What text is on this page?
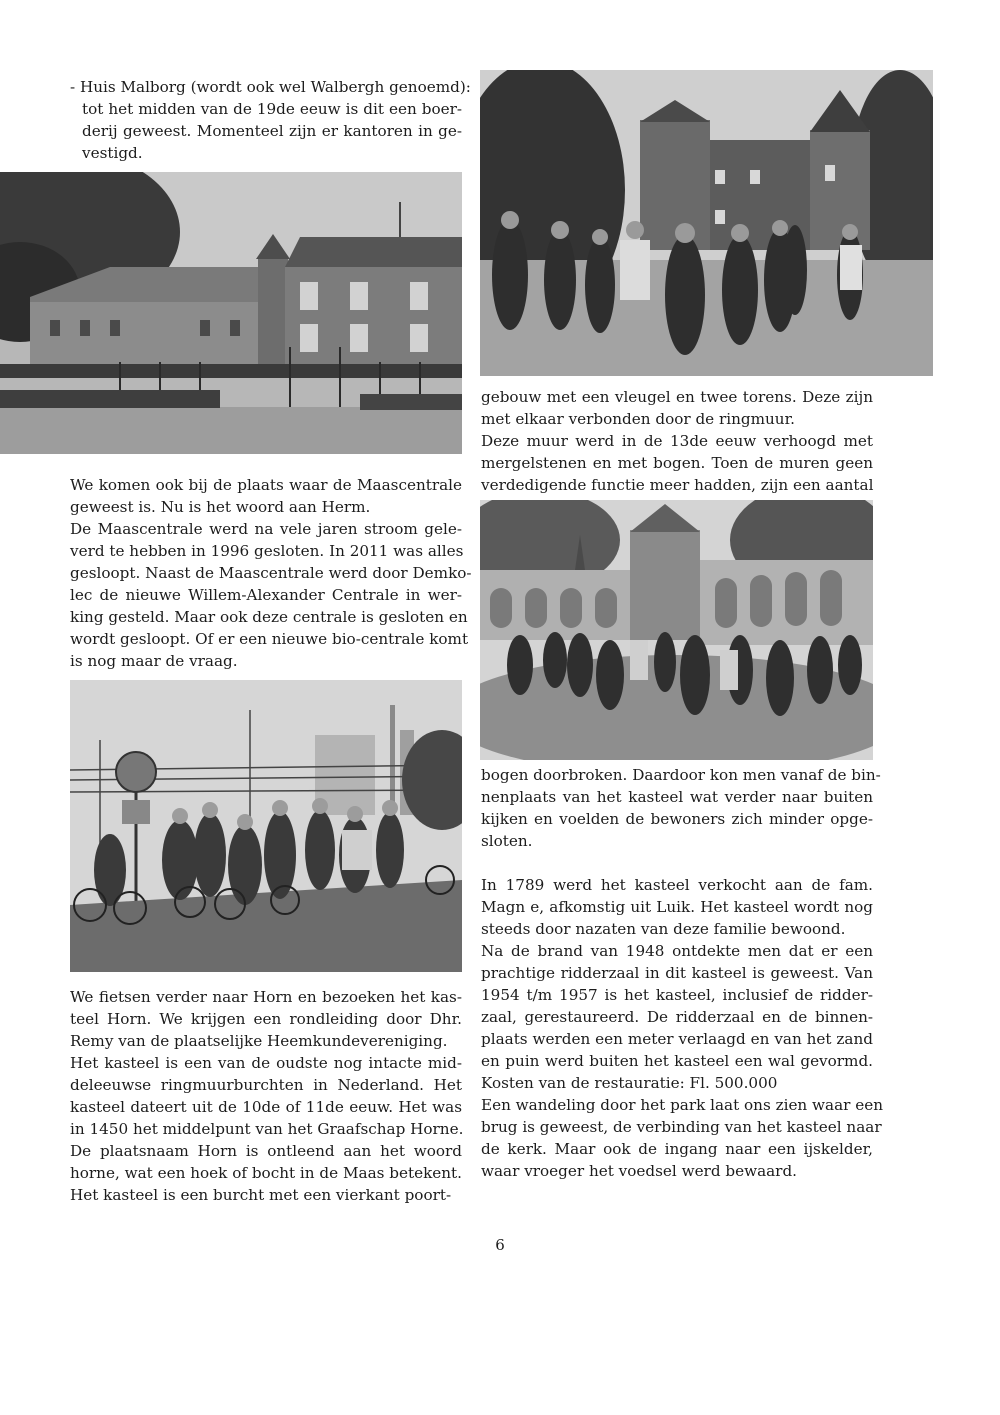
- Huis Malborg (wordt ook wel Walbergh genoemd):
tot het midden van de 19de eeuw is dit een boer-
derij geweest. Momenteel zijn er kantoren in ge-
vestigd.
We komen ook bij de plaats waar de Maascentrale
geweest is. Nu is het woord aan Herm.
De Maascentrale werd na vele jaren stroom gele-
verd te hebben in 1996 gesloten. In 2011 was alles
gesloopt. Naast de Maascentrale werd door Demko-
lec de nieuwe Willem-Alexander Centrale in wer-
king gesteld. Maar ook deze centrale is gesloten en
wordt gesloopt. Of er een nieuwe bio-centrale komt
is nog maar de vraag.
We fietsen verder naar Horn en bezoeken het kas-
teel Horn. We krijgen een rondleiding door Dhr.
Remy van de plaatselijke Heemkundevereniging.
Het kasteel is een van de oudste nog intacte mid-
deleeuwse ringmuurburchten in Nederland. Het
kasteel dateert uit de 10de of 11de eeuw. Het was
in 1450 het middelpunt van het Graafschap Horne.
De plaatsnaam Horn is ontleend aan het woord
horne, wat een hoek of bocht in de Maas betekent.
Het kasteel is een burcht met een vierkant poort-
gebouw met een vleugel en twee torens. Deze zijn
met elkaar verbonden door de ringmuur.
Deze muur werd in de 13de eeuw verhoogd met
mergelstenen en met bogen. Toen de muren geen
verdedigende functie meer hadden, zijn een aantal
bogen doorbroken. Daardoor kon men vanaf de bin-
nenplaats van het kasteel wat verder naar buiten
kijken en voelden de bewoners zich minder opge-
sloten.
In 1789 werd het kasteel verkocht aan de fam.
Magn e, afkomstig uit Luik. Het kasteel wordt nog
steeds door nazaten van deze familie bewoond.
Na de brand van 1948 ontdekte men dat er een
prachtige ridderzaal in dit kasteel is geweest. Van
1954 t/m 1957 is het kasteel, inclusief de ridder-
zaal, gerestaureerd. De ridderzaal en de binnen-
plaats werden een meter verlaagd en van het zand
en puin werd buiten het kasteel een wal gevormd.
Kosten van de restauratie: Fl. 500.000
Een wandeling door het park laat ons zien waar een
brug is geweest, de verbinding van het kasteel naar
de kerk. Maar ook de ingang naar een ijskelder,
waar vroeger het voedsel werd bewaard.
6
